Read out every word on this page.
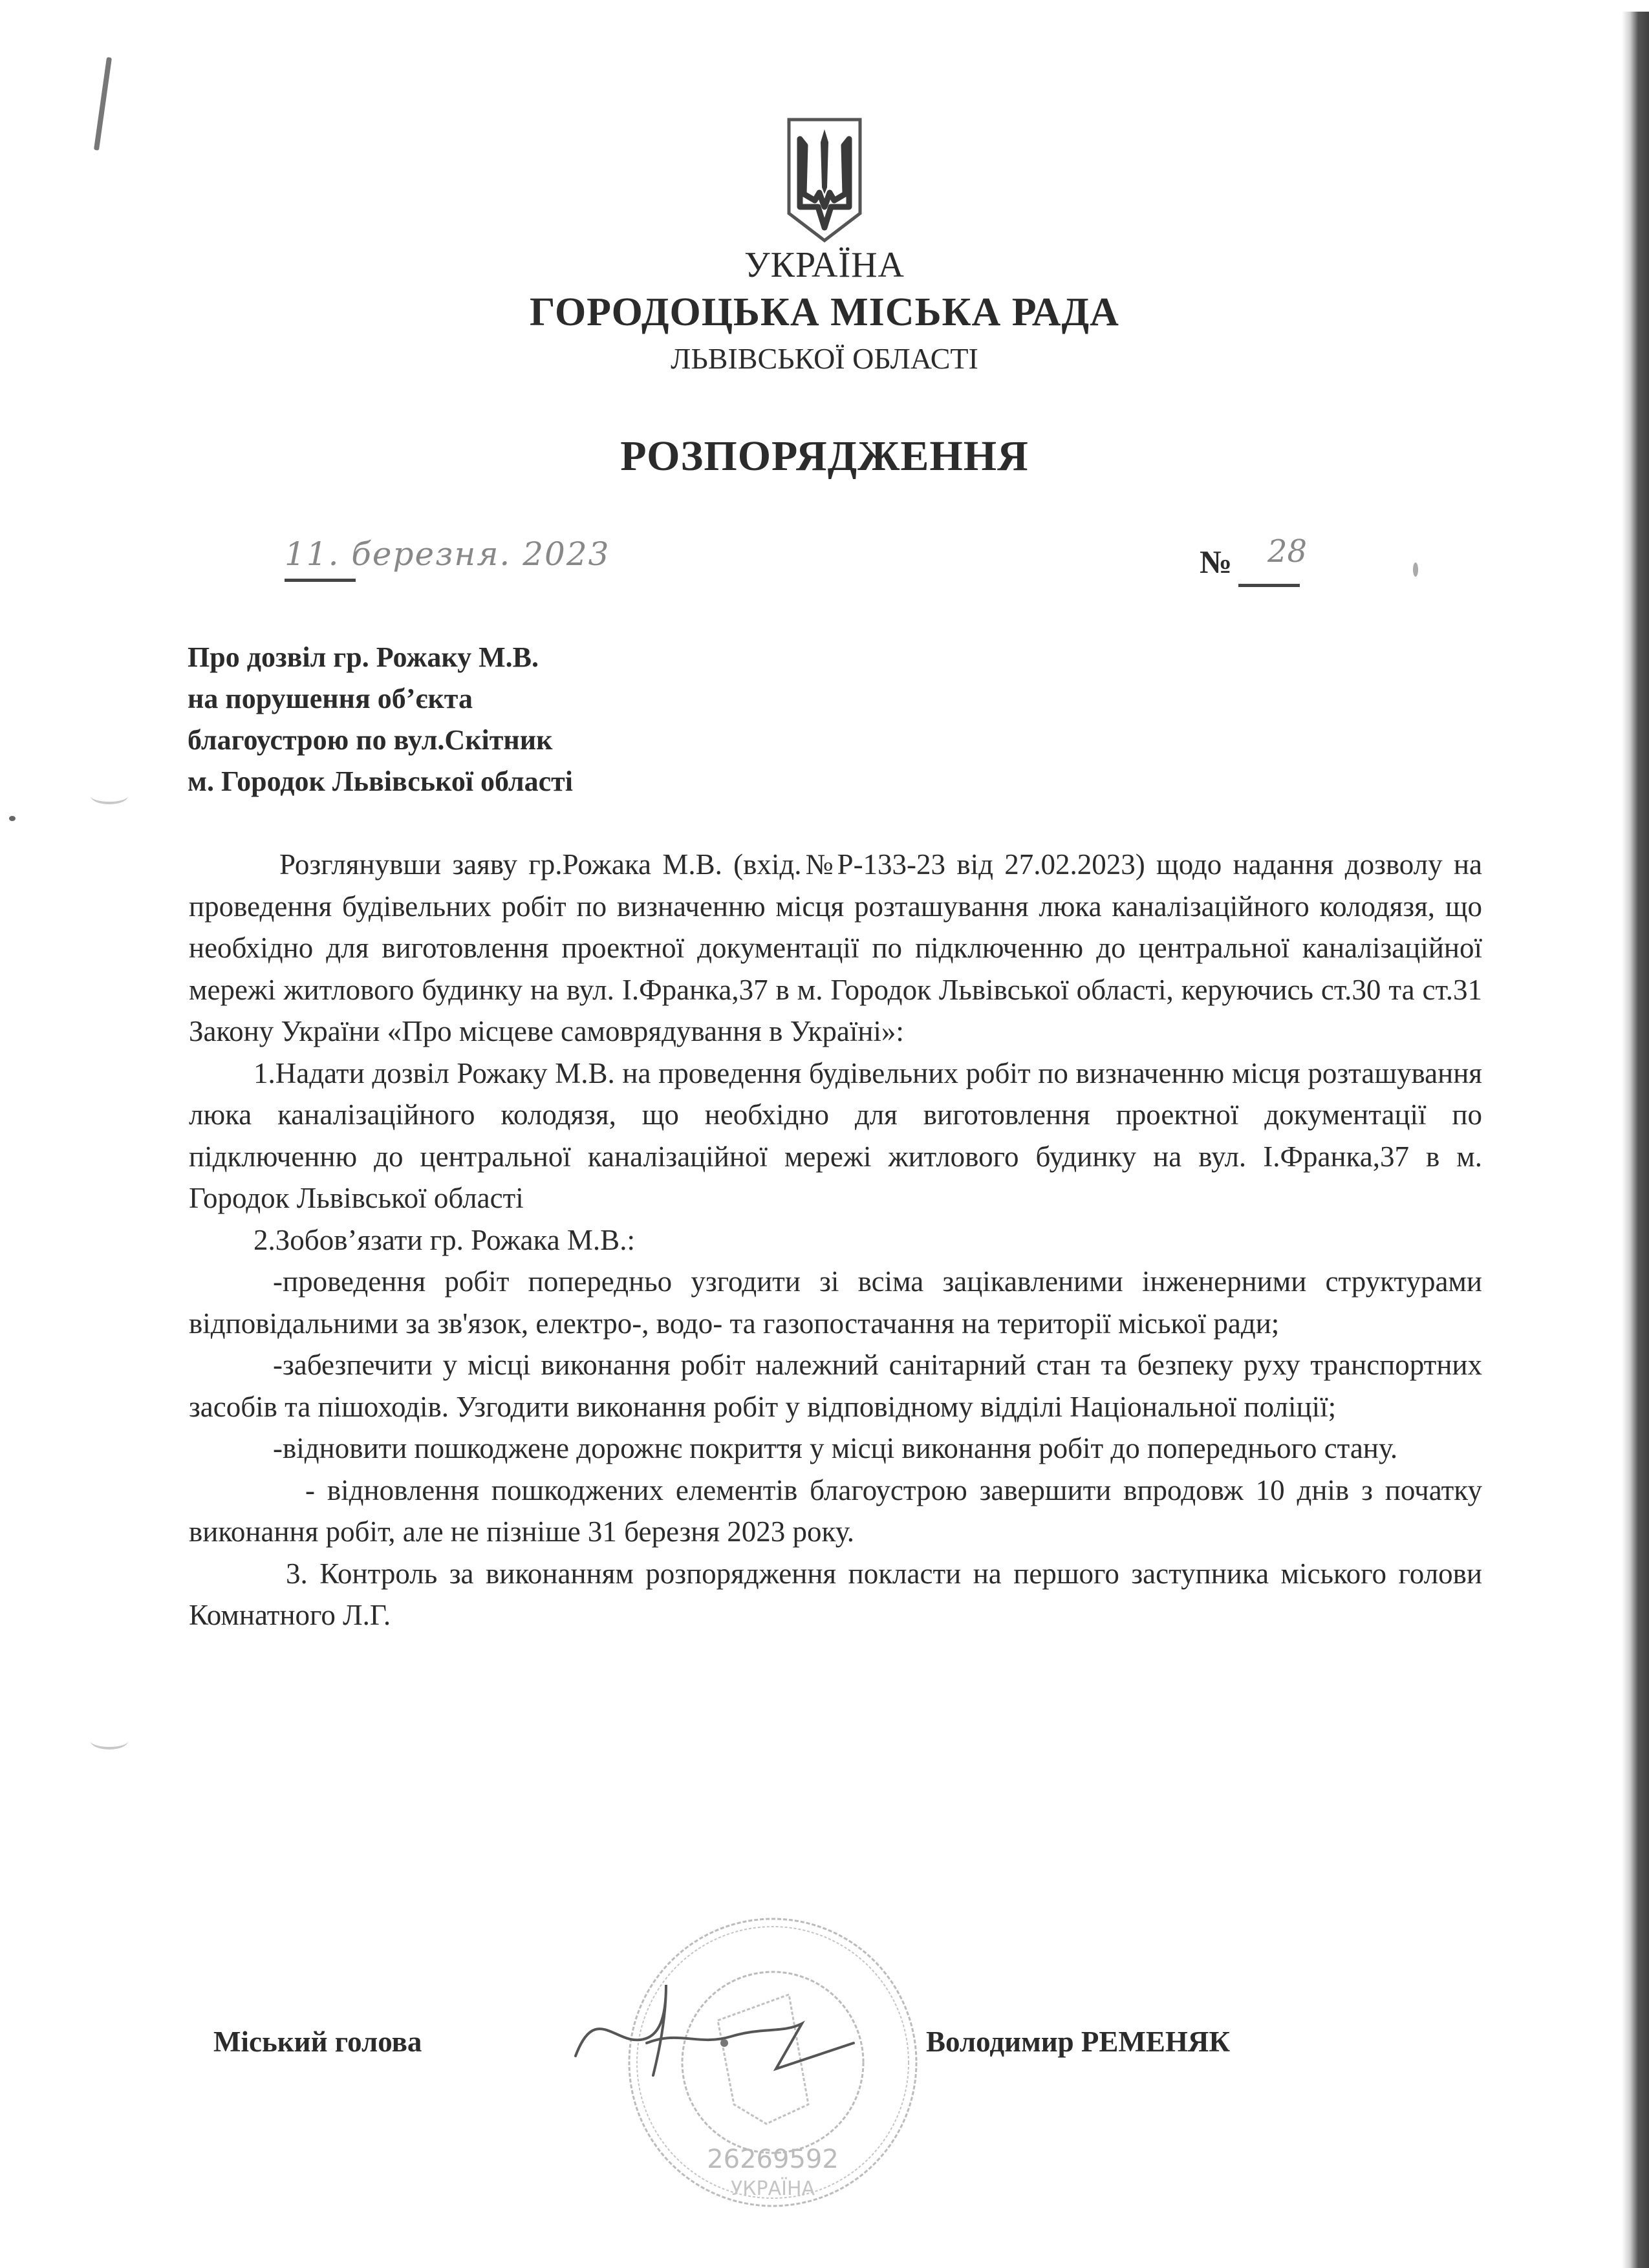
УКРАЇНА
ГОРОДОЦЬКА МІСЬКА РАДА
ЛЬВІВСЬКОЇ ОБЛАСТІ
РОЗПОРЯДЖЕННЯ
11. березня. 2023	№ 28
Про дозвіл гр. Рожаку М.В.
на порушення об’єкта
благоустрою по вул.Скітник
м. Городок Львівської області

Розглянувши заяву гр.Рожака М.В. (вхід.№Р-133-23 від 27.02.2023) щодо надання дозволу на проведення будівельних робіт по визначенню місця розташування люка каналізаційного колодязя, що необхідно для виготовлення проектної документації по підключенню до центральної каналізаційної мережі житлового будинку на вул. І.Франка,37 в м. Городок Львівської області, керуючись ст.30 та ст.31 Закону України «Про місцеве самоврядування в Україні»:

1.Надати дозвіл Рожаку М.В. на проведення будівельних робіт по визначенню місця розташування люка каналізаційного колодязя, що необхідно для виготовлення проектної документації по підключенню до центральної каналізаційної мережі житлового будинку на вул. І.Франка,37 в м. Городок Львівської області

2.Зобов’язати гр. Рожака М.В.:

-проведення робіт попередньо узгодити зі всіма зацікавленими інженерними структурами відповідальними за зв'язок, електро-, водо- та газопостачання на території міської ради;

-забезпечити у місці виконання робіт належний санітарний стан та безпеку руху транспортних засобів та пішоходів. Узгодити виконання робіт у відповідному відділі Національної поліції;

-відновити пошкоджене дорожнє покриття у місці виконання робіт до попереднього стану.

- відновлення пошкоджених елементів благоустрою завершити впродовж 10 днів з початку виконання робіт, але не пізніше 31 березня 2023 року.

3. Контроль за виконанням розпорядження покласти на першого заступника міського голови Комнатного Л.Г.

26269592
УКРАЇНА
Міський голова	Володимир РЕМЕНЯК
